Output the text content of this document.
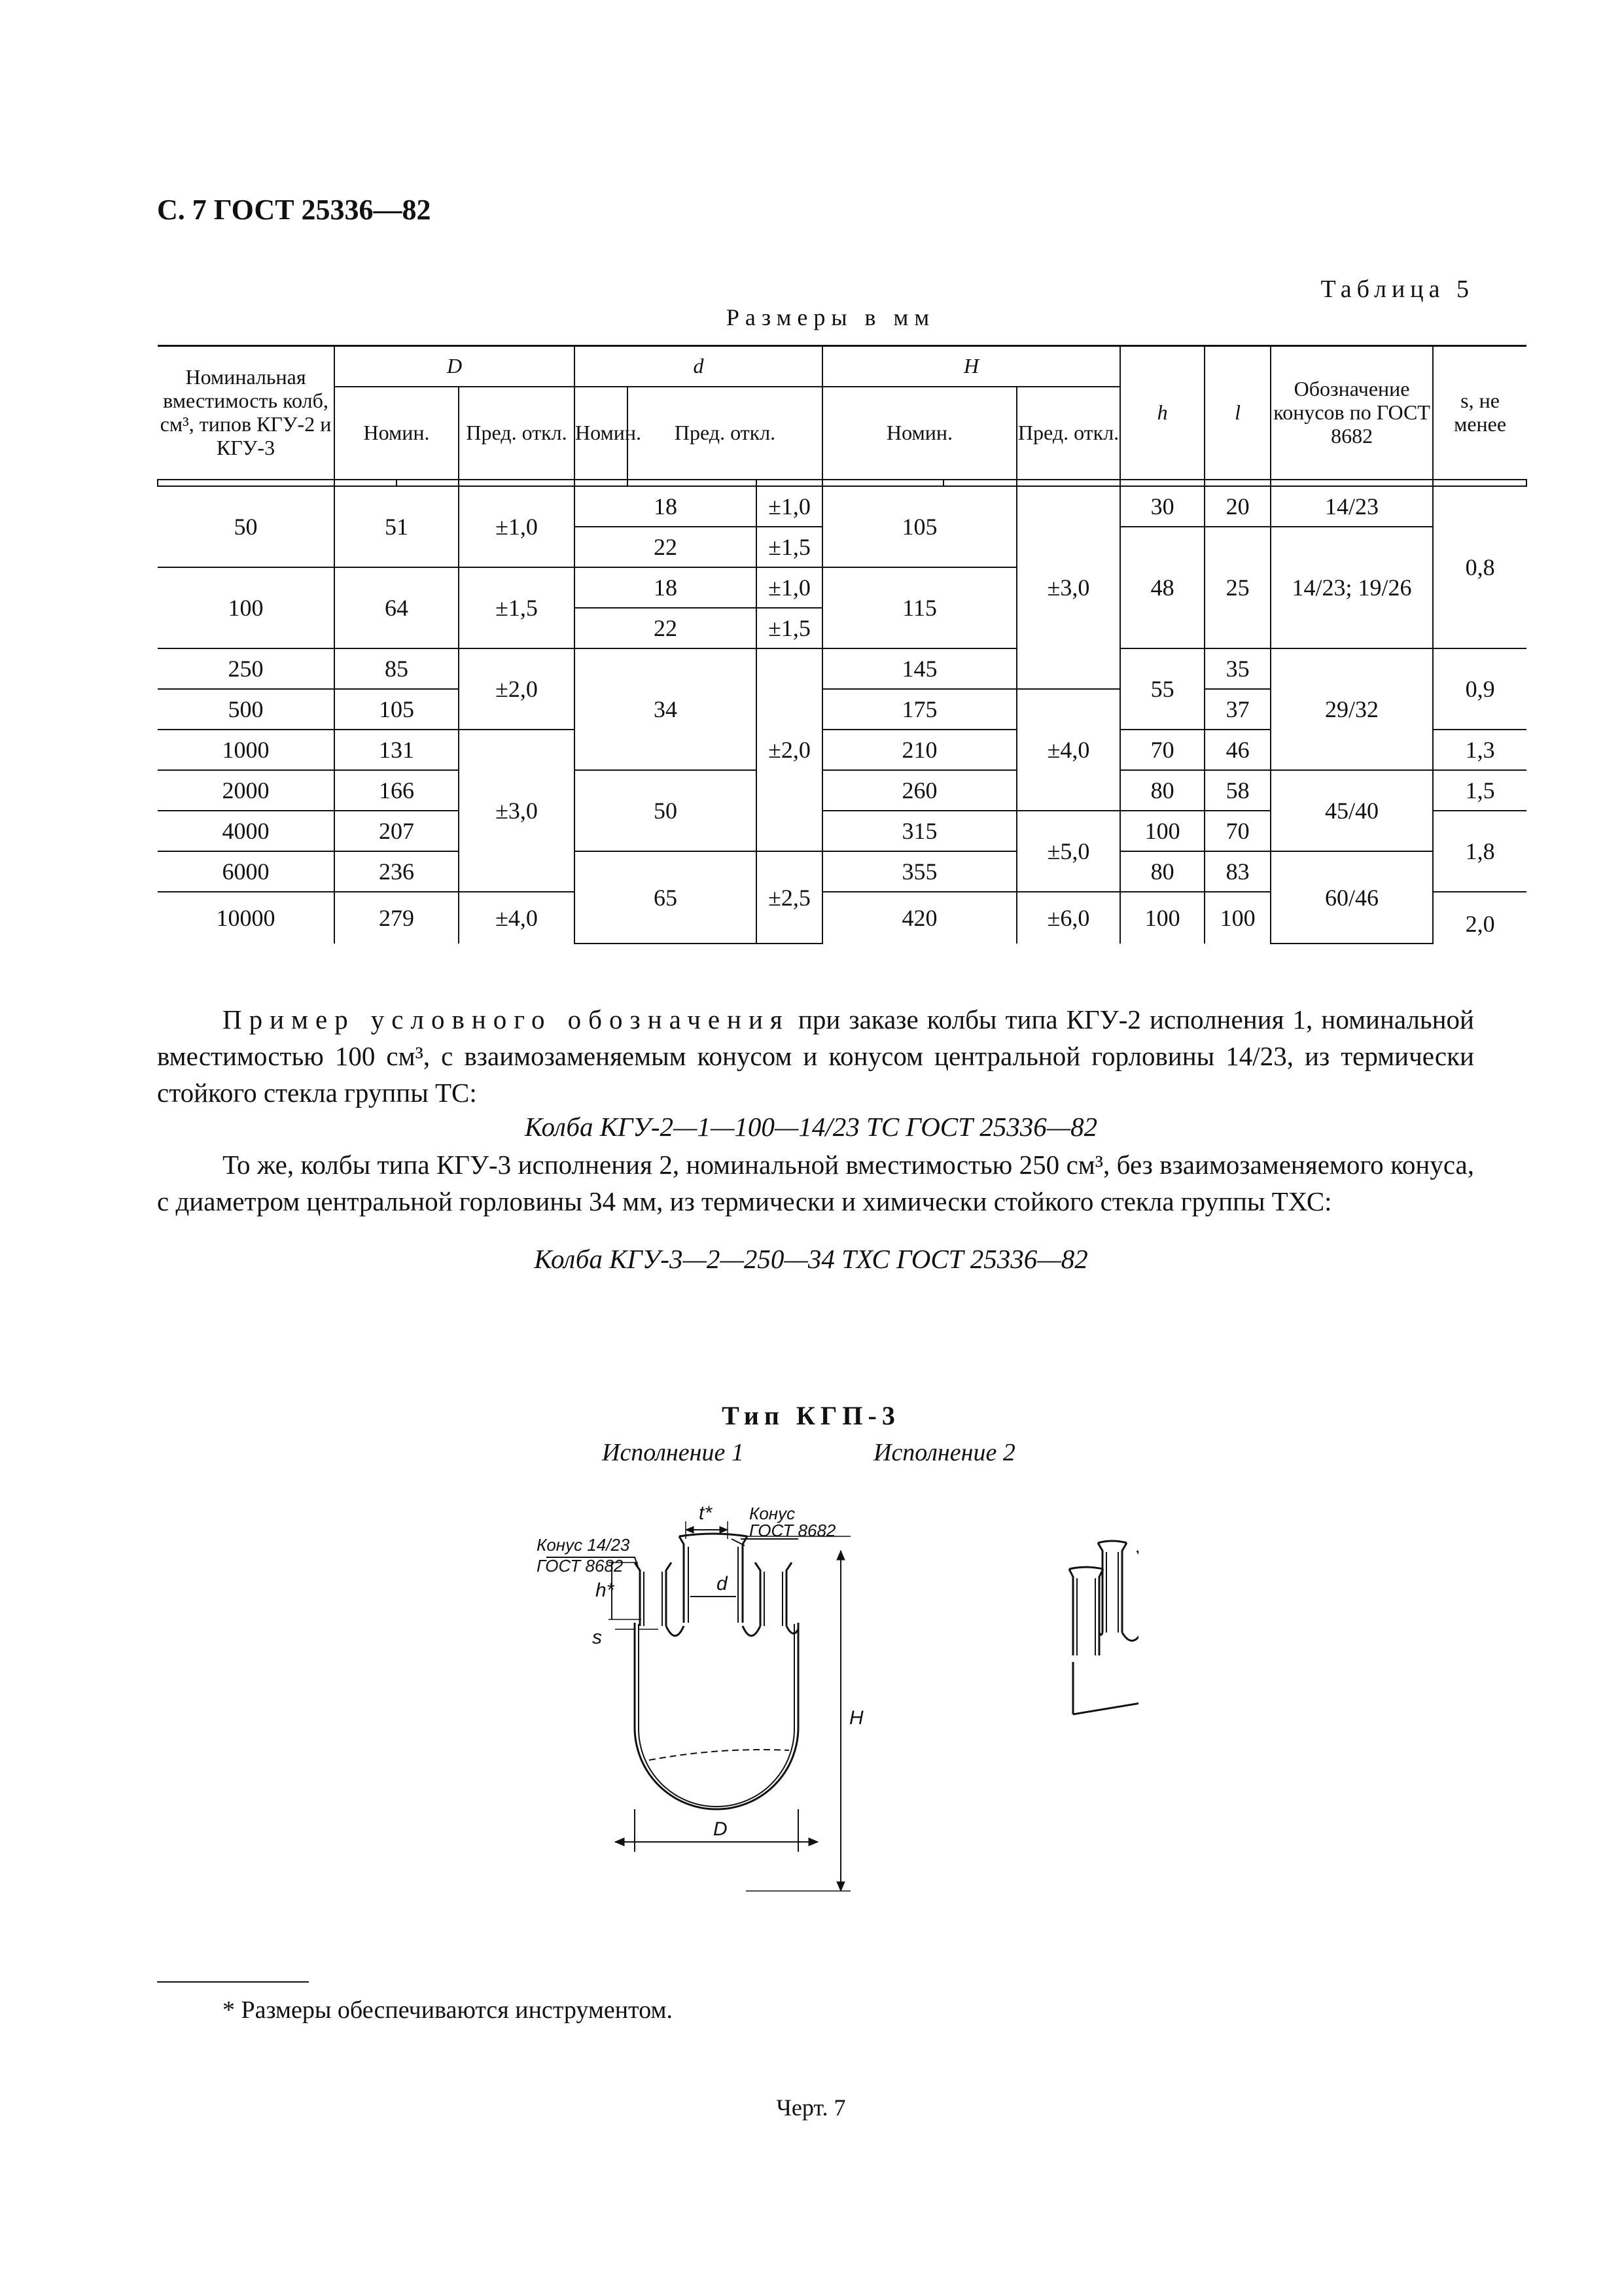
С. 7 ГОСТ 25336—82
Таблица 5
Размеры в мм
Номинальная вместимость колб, см³, типов КГУ-2 и КГУ-3	D			d			H			h	l	Обозначение конусов по ГОСТ 8682	s, не менее
	Номин.		Пред. откл.	Номин.	Пред. откл.		Номин.		Пред. откл.				

50	51		±1,0	18		±1,0	105		±3,0	30	20	14/23	0,8
				22		±1,5				48	25	14/23; 19/26	
100	64		±1,5	18		±1,0	115						
				22		±1,5							
250	85		±2,0	34		±2,0	145			55	35	29/32	0,9
500	105						175		±4,0		37		
1000	131		±3,0				210			70	46		1,3
2000	166			50			260			80	58	45/40	1,5
4000	207						315		±5,0	100	70		1,8
6000	236			65		±2,5	355			80	83	60/46	
10000	279		±4,0				420		±6,0	100	100		2,0
Пример условного обозначения при заказе колбы типа КГУ-2 исполнения 1, номинальной вместимостью 100 см³, с взаимозаменяемым конусом и конусом центральной горловины 14/23, из термически стойкого стекла группы ТС:
Колба КГУ-2—1—100—14/23 ТС ГОСТ 25336—82
То же, колбы типа КГУ-3 исполнения 2, номинальной вместимостью 250 см³, без взаимозаменяемого конуса, с диаметром центральной горловины 34 мм, из термически и химически стойкого стекла группы ТХС:
Колба КГУ-3—2—250—34 ТХС ГОСТ 25336—82
Тип КГП-3
Исполнение 1	Исполнение 2
Конус 14/23
ГОСТ 8682
Конус
ГОСТ 8682
t*
h*	d
H
s
D
* Размеры обеспечиваются инструментом.
Черт. 7
